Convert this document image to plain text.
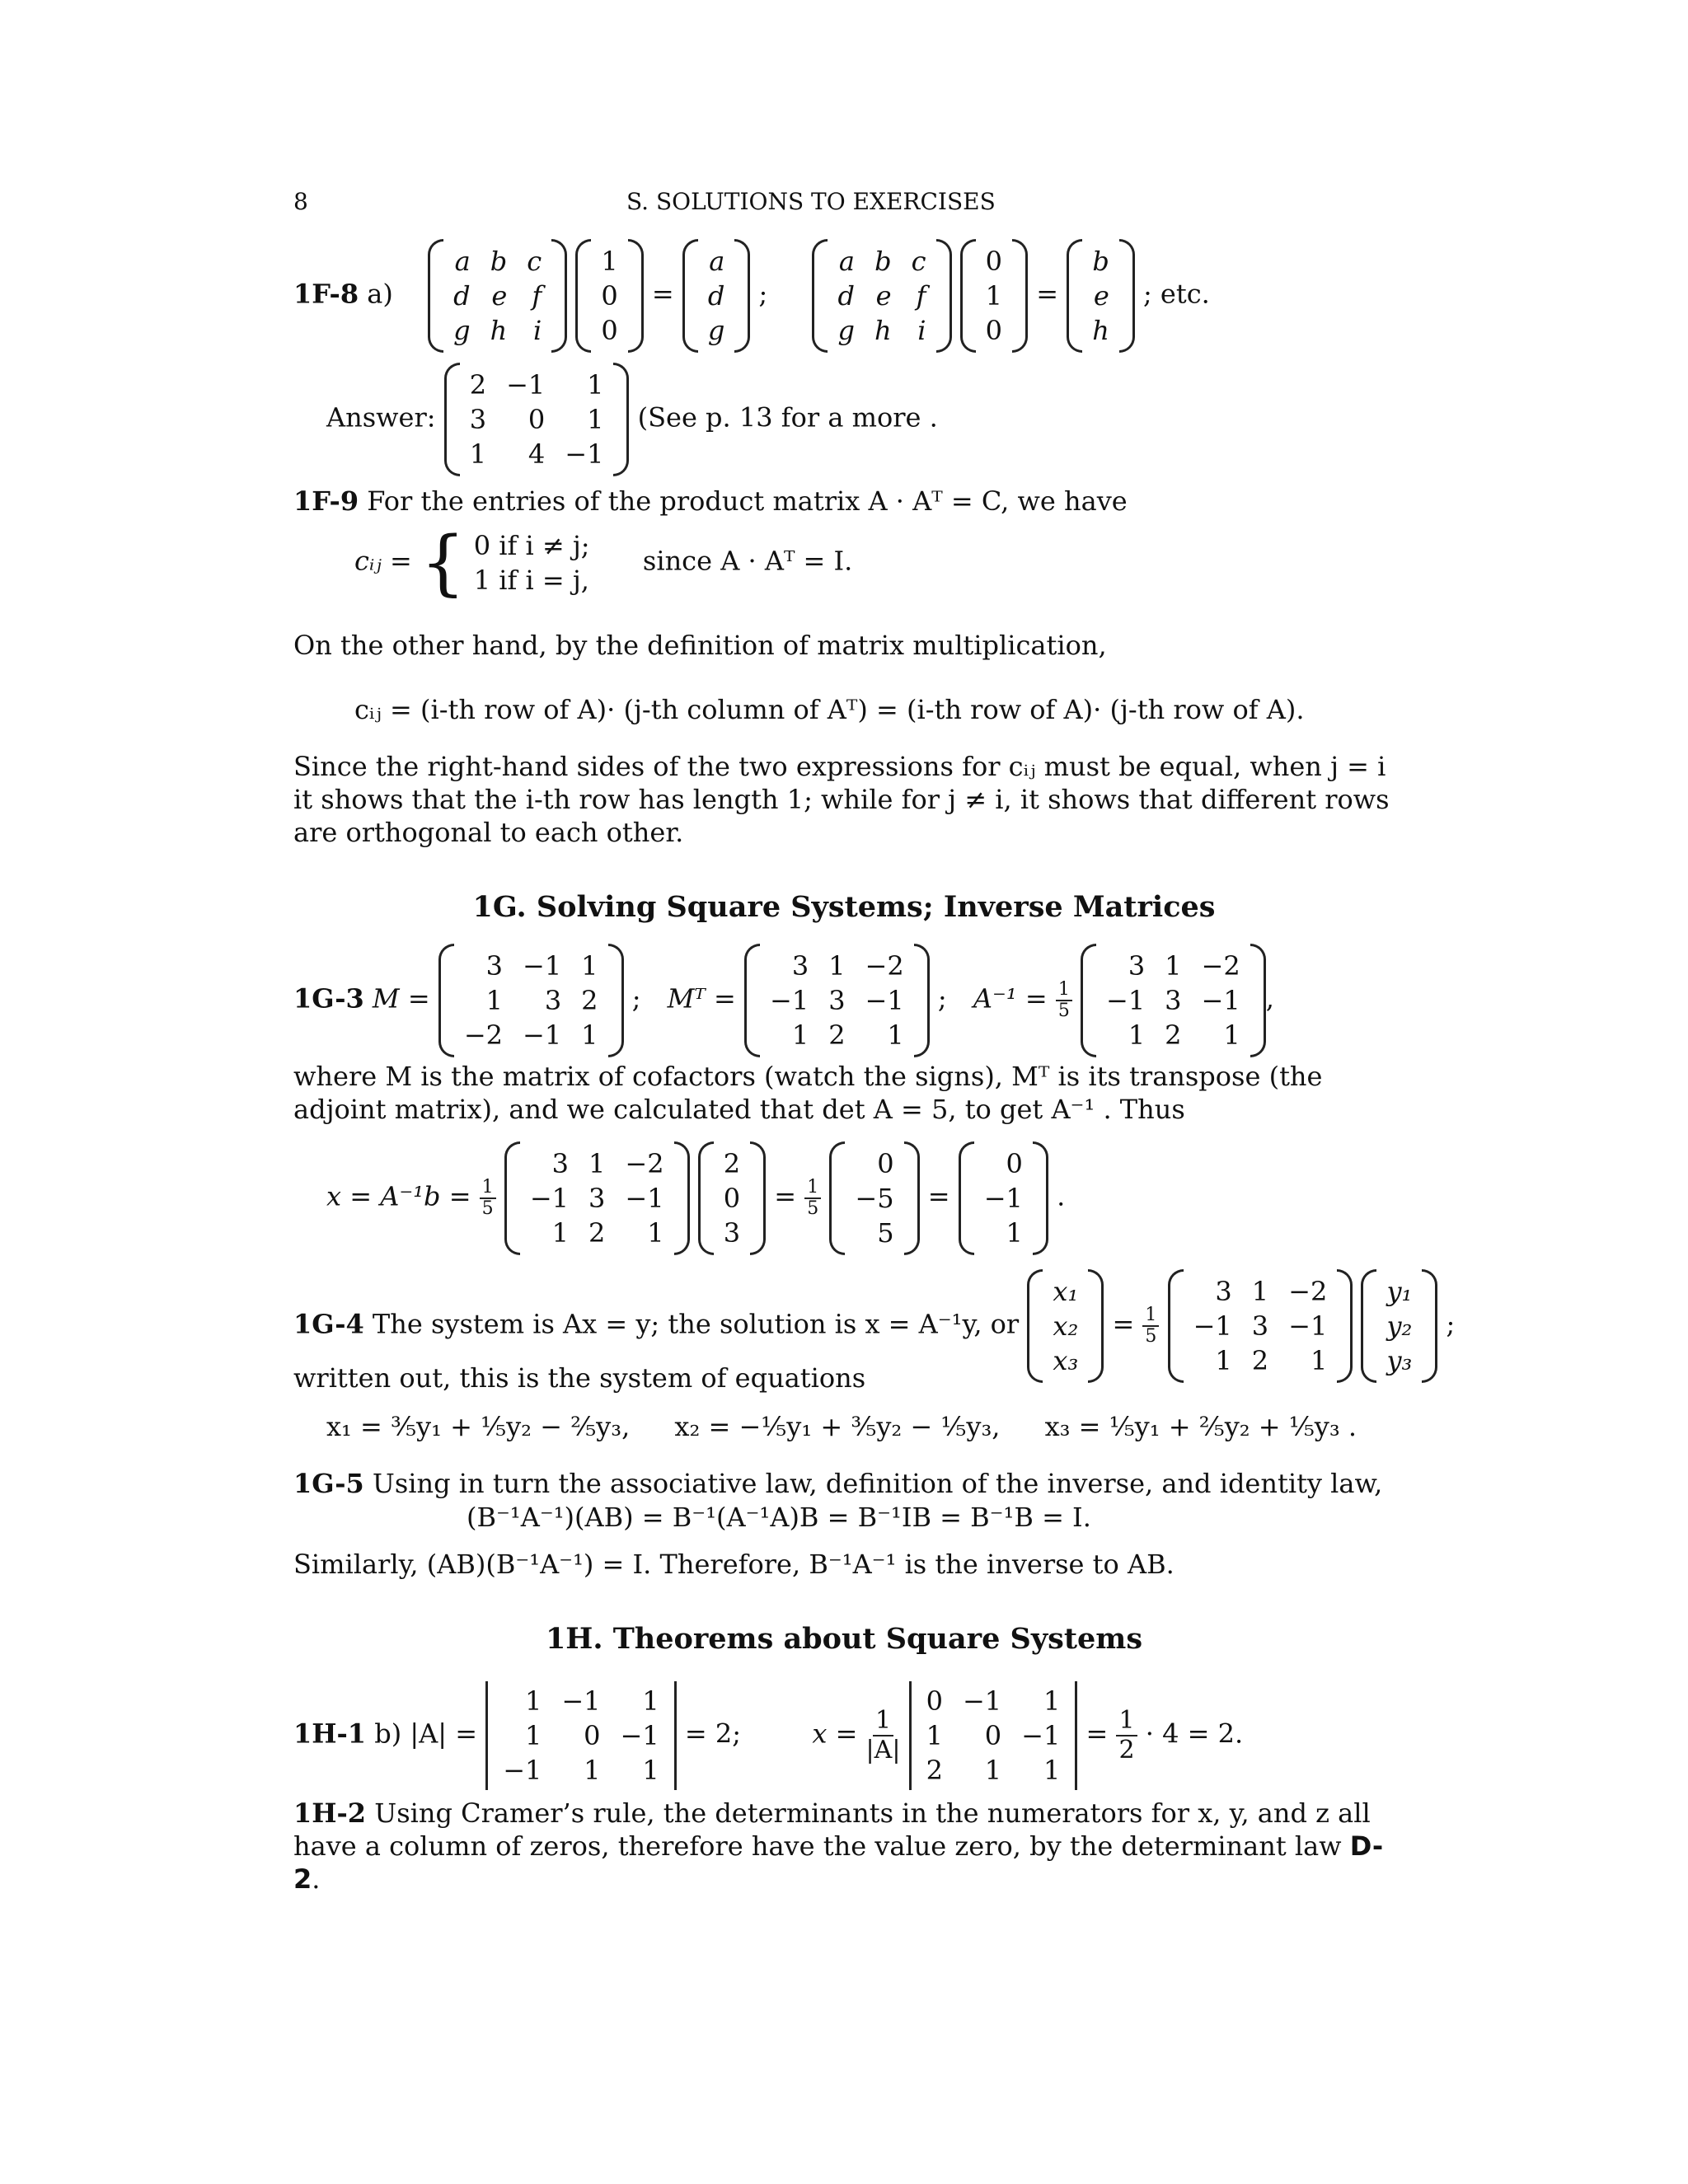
8	S. SOLUTIONS TO EXERCISES
1F-8 a)
a	b	c
d	e	f
g	h	i

1
0
0
=
a
d
g
;
a	b	c
d	e	f
g	h	i

0
1
0
=
b
e
h
; etc.
Answer:
2	−1	1
3	0	1
1	4	−1
(See p. 13 for a more .
1F-9 For the entries of the product matrix A · Aᵀ = C, we have
cᵢⱼ = { 0 if i ≠ j;
1 if i = j,
since A · Aᵀ = I.
On the other hand, by the definition of matrix multiplication,
cᵢⱼ = (i-th row of A)· (j-th column of Aᵀ) = (i-th row of A)· (j-th row of A).
Since the right-hand sides of the two expressions for cᵢⱼ must be equal, when j = i it shows that the i-th row has length 1; while for j ≠ i, it shows that different rows are orthogonal to each other.
1G. Solving Square Systems; Inverse Matrices
1G-3 M =
3	−1	1
1	3	2
−2	−1	1
; Mᵀ =
3	1	−2
−1	3	−1
1	2	1
; $A^{-1} = \frac{1}{5}$

3	1	−2
−1	3	−1
1	2	1
,
where M is the matrix of cofactors (watch the signs), Mᵀ is its transpose (the adjoint matrix), and we calculated that det A = 5, to get A⁻¹ . Thus
$x = A^{-1}b = \frac{1}{5}$

3	1	−2
−1	3	−1
1	2	1

2
0
3
= $\frac{1}{5}$

0
−5
5
=
0
−1
1
.
1G-4 The system is Ax = y; the solution is x = A⁻¹y, or
x₁
x₂
x₃
= $\frac{1}{5}$

3	1	−2
−1	3	−1
1	2	1

y₁
y₂
y₃
;
written out, this is the system of equations
x₁ = ³⁄₅y₁ + ¹⁄₅y₂ − ²⁄₅y₃, x₂ = −¹⁄₅y₁ + ³⁄₅y₂ − ¹⁄₅y₃, x₃ = ¹⁄₅y₁ + ²⁄₅y₂ + ¹⁄₅y₃ .
1G-5 Using in turn the associative law, definition of the inverse, and identity law,
(B⁻¹A⁻¹)(AB) = B⁻¹(A⁻¹A)B = B⁻¹IB = B⁻¹B = I.
Similarly, (AB)(B⁻¹A⁻¹) = I. Therefore, B⁻¹A⁻¹ is the inverse to AB.
1H. Theorems about Square Systems
1H-1 b) |A| =
1	−1	1
1	0	−1
−1	1	1
= 2;	$x = \frac{1}{|A|}$

0	−1	1
1	0	−1
2	1	1
= $\frac{1}{2} \cdot 4 = 2$.
1H-2 Using Cramer’s rule, the determinants in the numerators for x, y, and z all have a column of zeros, therefore have the value zero, by the determinant law D-2.
